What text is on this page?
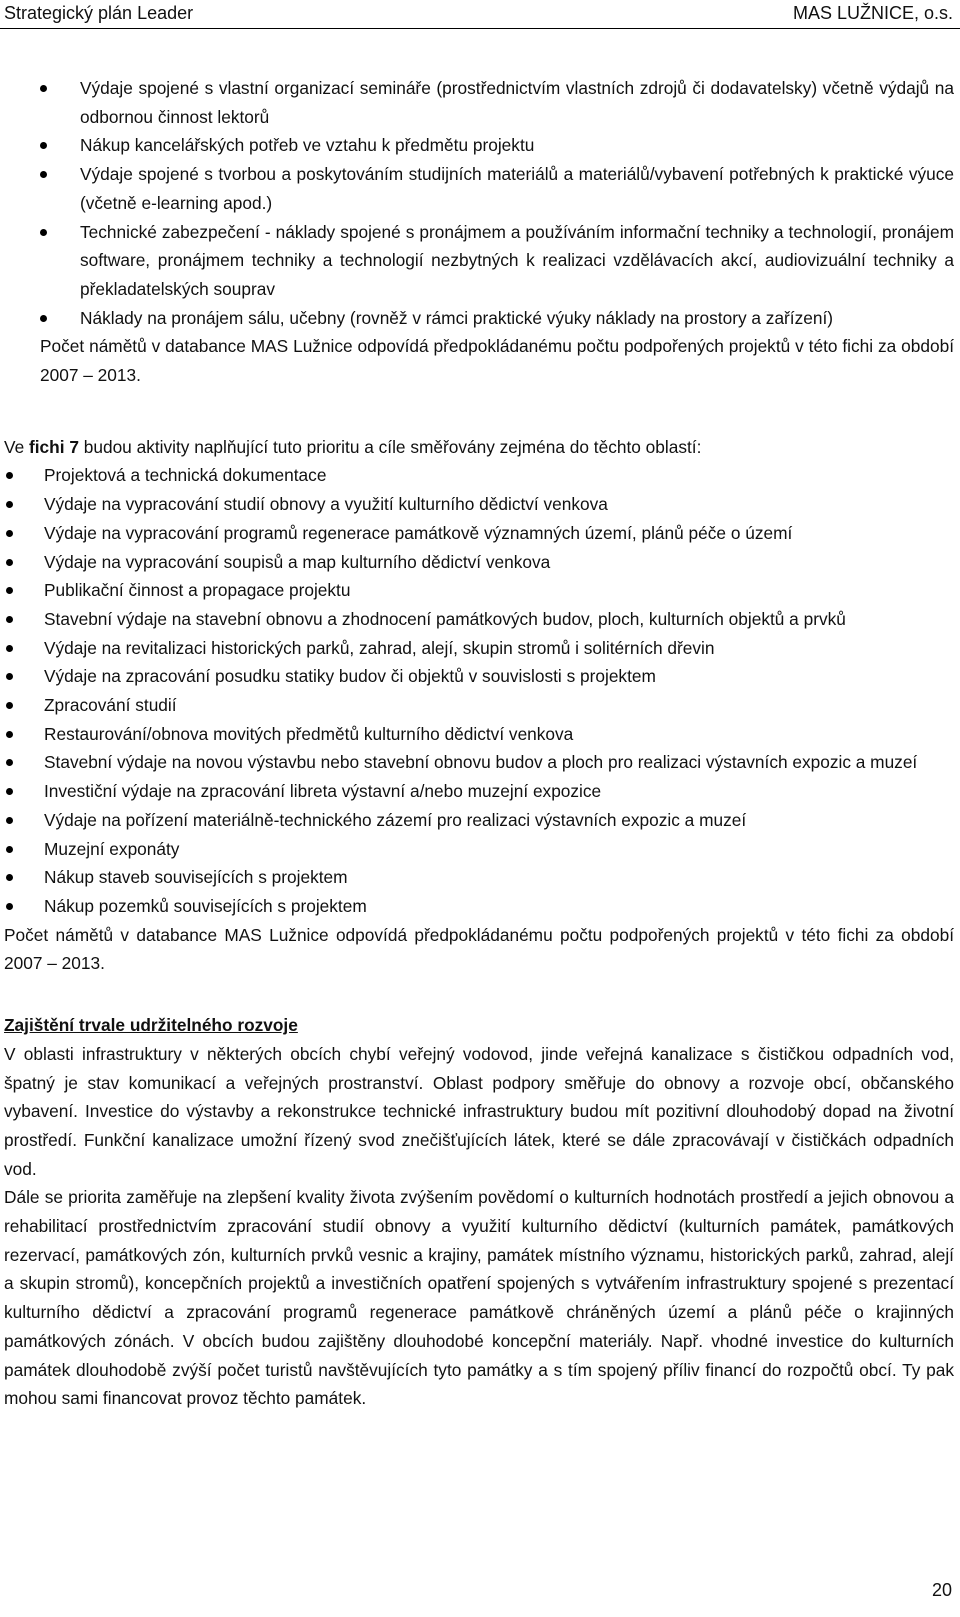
Strategický plán Leader	MAS LUŽNICE, o.s.
Výdaje spojené s vlastní organizací semináře (prostřednictvím vlastních zdrojů či dodavatelsky) včetně výdajů na odbornou činnost lektorů
Nákup kancelářských potřeb ve vztahu k předmětu projektu
Výdaje spojené s tvorbou a poskytováním studijních materiálů a materiálů/vybavení potřebných k praktické výuce (včetně e-learning apod.)
Technické zabezpečení - náklady spojené s pronájmem a používáním informační techniky a technologií, pronájem software, pronájmem techniky a technologií nezbytných k realizaci vzdělávacích akcí, audiovizuální techniky a překladatelských souprav
Náklady na pronájem sálu, učebny (rovněž v rámci praktické výuky náklady na prostory a zařízení)

Počet námětů v databance MAS Lužnice odpovídá předpokládanému počtu podpořených projektů v této fichi za období 2007 – 2013.

Ve fichi 7 budou aktivity naplňující tuto prioritu a cíle směřovány zejména do těchto oblastí:

Projektová a technická dokumentace
Výdaje na vypracování studií obnovy a využití kulturního dědictví venkova
Výdaje na vypracování programů regenerace památkově významných území, plánů péče o území
Výdaje na vypracování soupisů a map kulturního dědictví venkova
Publikační činnost a propagace projektu
Stavební výdaje na stavební obnovu a zhodnocení památkových budov, ploch, kulturních objektů a prvků
Výdaje na revitalizaci historických parků, zahrad, alejí, skupin stromů i solitérních dřevin
Výdaje na zpracování posudku statiky budov či objektů v souvislosti s projektem
Zpracování studií
Restaurování/obnova movitých předmětů kulturního dědictví venkova
Stavební výdaje na novou výstavbu nebo stavební obnovu budov a ploch pro realizaci výstavních expozic a muzeí
Investiční výdaje na zpracování libreta výstavní a/nebo muzejní expozice
Výdaje na pořízení materiálně-technického zázemí pro realizaci výstavních expozic a muzeí
Muzejní exponáty
Nákup staveb souvisejících s projektem
Nákup pozemků souvisejících s projektem

Počet námětů v databance MAS Lužnice odpovídá předpokládanému počtu podpořených projektů v této fichi za období 2007 – 2013.

Zajištění trvale udržitelného rozvoje

V oblasti infrastruktury v některých obcích chybí veřejný vodovod, jinde veřejná kanalizace s čističkou odpadních vod, špatný je stav komunikací a veřejných prostranství. Oblast podpory směřuje do obnovy a rozvoje obcí, občanského vybavení. Investice do výstavby a rekonstrukce technické infrastruktury budou mít pozitivní dlouhodobý dopad na životní prostředí. Funkční kanalizace umožní řízený svod znečišťujících látek, které se dále zpracovávají v čističkách odpadních vod.

Dále se priorita zaměřuje na zlepšení kvality života zvýšením povědomí o kulturních hodnotách prostředí a jejich obnovou a rehabilitací prostřednictvím zpracování studií obnovy a využití kulturního dědictví (kulturních památek, památkových rezervací, památkových zón, kulturních prvků vesnic a krajiny, památek místního významu, historických parků, zahrad, alejí a skupin stromů), koncepčních projektů a investičních opatření spojených s vytvářením infrastruktury spojené s prezentací kulturního dědictví a zpracování programů regenerace památkově chráněných území a plánů péče o krajinných památkových zónách. V obcích budou zajištěny dlouhodobé koncepční materiály. Např. vhodné investice do kulturních památek dlouhodobě zvýší počet turistů navštěvujících tyto památky a s tím spojený příliv financí do rozpočtů obcí. Ty pak mohou sami financovat provoz těchto památek.

20
